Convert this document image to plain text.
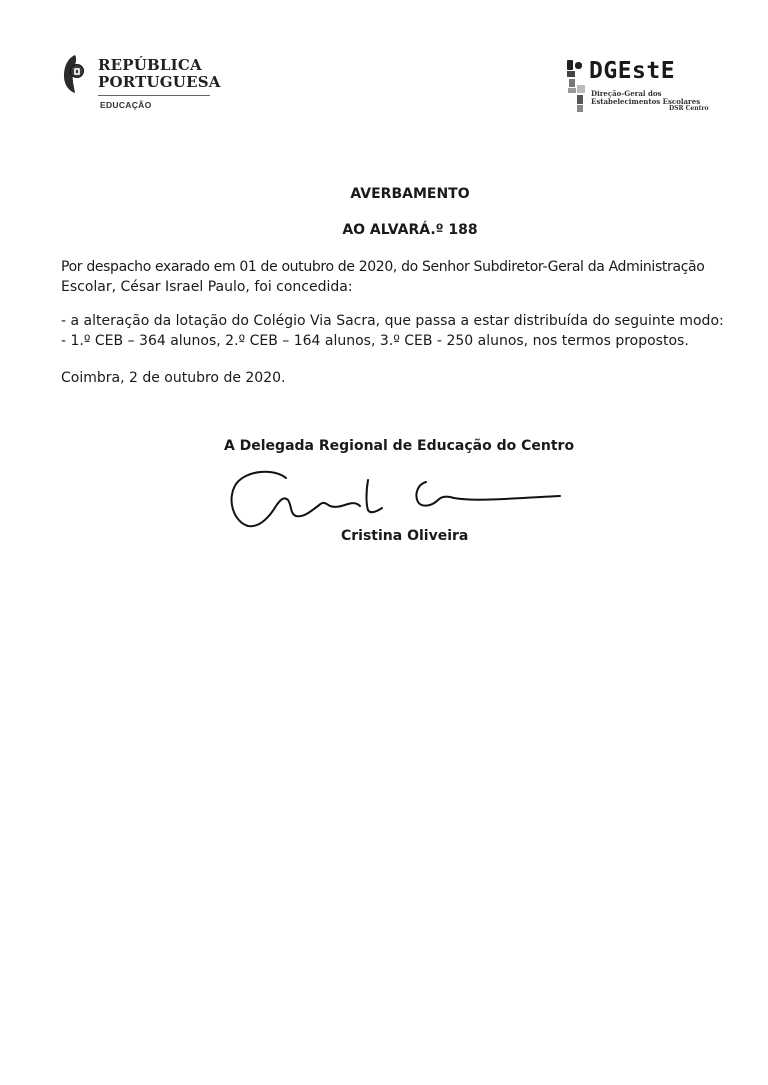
REPÚBLICA
PORTUGUESA
EDUCAÇÃO
DGEstE
Direção-Geral dos
Estabelecimentos Escolares
DSR Centro
AVERBAMENTO
AO ALVARÁ.º 188
Por despacho exarado em 01 de outubro de 2020, do Senhor Subdiretor-Geral da Administração
Escolar, César Israel Paulo, foi concedida:
- a alteração da lotação do Colégio Via Sacra, que passa a estar distribuída do seguinte modo:
- 1.º CEB – 364 alunos, 2.º CEB – 164 alunos, 3.º CEB - 250 alunos, nos termos propostos.
Coimbra, 2 de outubro de 2020.
A Delegada Regional de Educação do Centro
Cristina Oliveira
